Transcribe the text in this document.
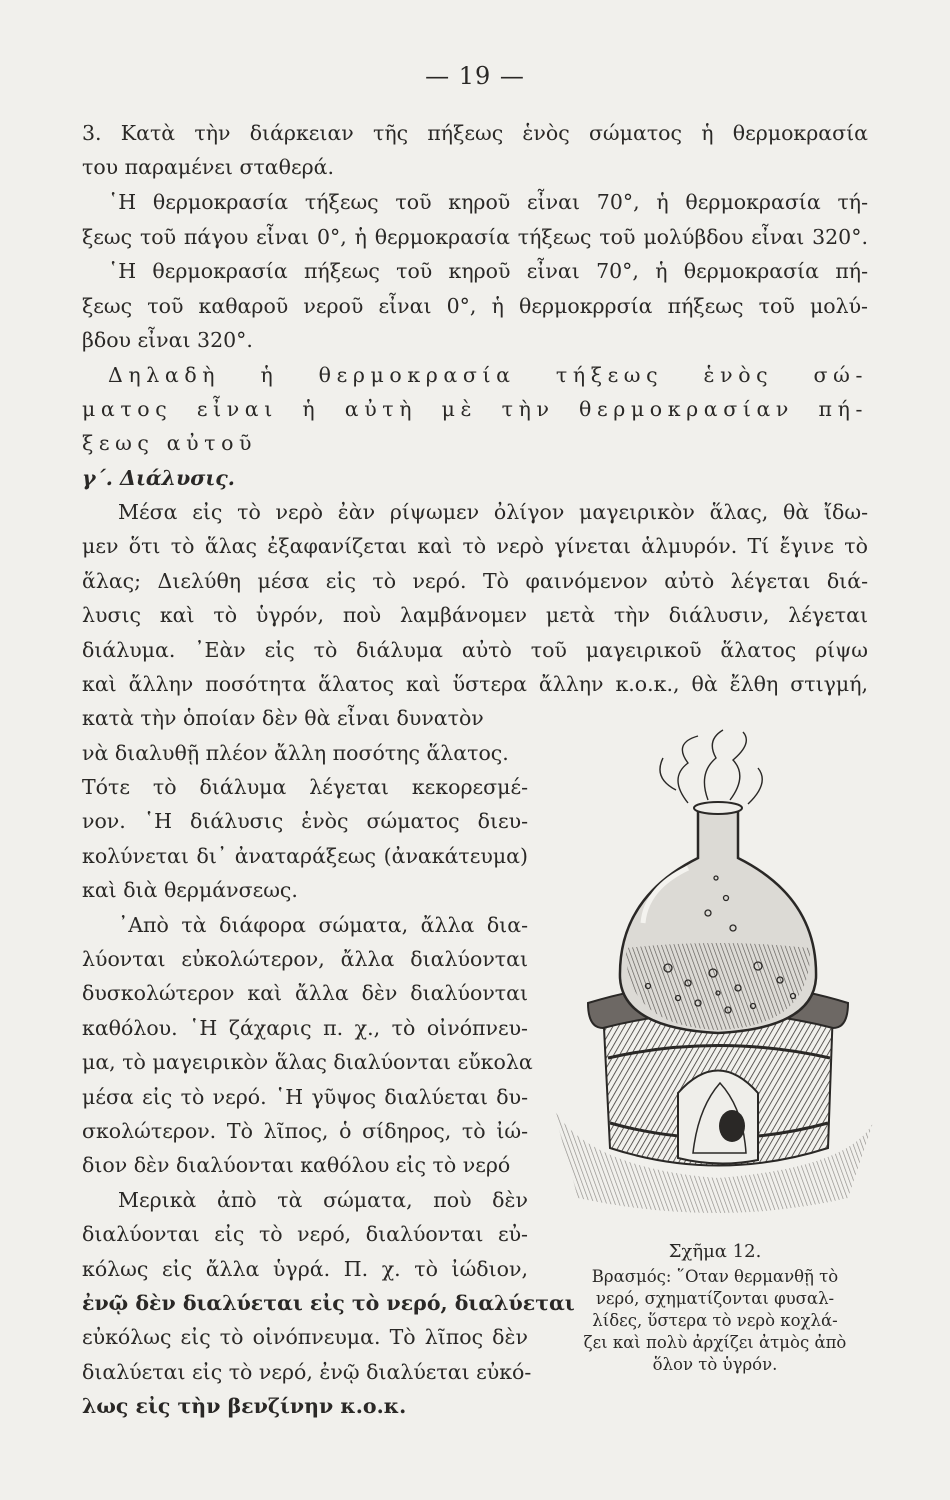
— 19 —
3. Κατὰ τὴν διάρκειαν τῆς πήξεως ἑνὸς σώματος ἡ θερμοκρασία
του παραμένει σταθερά.
῾Η θερμοκρασία τήξεως τοῦ κηροῦ εἶναι 70°, ἡ θερμοκρασία τή-
ξεως τοῦ πάγου εἶναι 0°, ἡ θερμοκρασία τήξεως τοῦ μολύβδου εἶναι 320°.
῾Η θερμοκρασία πήξεως τοῦ κηροῦ εἶναι 70°, ἡ θερμοκρασία πή-
ξεως τοῦ καθαροῦ νεροῦ εἶναι 0°, ἡ θερμοκρρσία πήξεως τοῦ μολύ-
βδου εἶναι 320°.
Δηλαδὴ ἡ θερμοκρασία τήξεως ἑνὸς σώ-
ματος εἶναι ἡ αὐτὴ μὲ τὴν θερμοκρασίαν πή-
ξεως αὐτοῦ
γ΄. Διάλυσις.
Μέσα εἰς τὸ νερὸ ἐὰν ρίψωμεν ὀλίγον μαγειρικὸν ἅλας, θὰ ἴδω-
μεν ὅτι τὸ ἅλας ἐξαφανίζεται καὶ τὸ νερὸ γίνεται ἁλμυρόν. Τί ἔγινε τὸ
ἅλας; Διελύθη μέσα εἰς τὸ νερό. Τὸ φαινόμενον αὐτὸ λέγεται διά-
λυσις καὶ τὸ ὑγρόν, ποὺ λαμβάνομεν μετὰ τὴν διάλυσιν, λέγεται
διάλυμα. ᾿Εὰν εἰς τὸ διάλυμα αὐτὸ τοῦ μαγειρικοῦ ἅλατος ρίψω
καὶ ἄλλην ποσότητα ἅλατος καὶ ὕστερα ἄλλην κ.ο.κ., θὰ ἔλθη στιγμή,
κατὰ τὴν ὁποίαν δὲν θὰ εἶναι δυνατὸν
νὰ διαλυθῇ πλέον ἄλλη ποσότης ἅλατος.
Τότε τὸ διάλυμα λέγεται κεκορεσμέ-
νον. ῾Η διάλυσις ἑνὸς σώματος διευ-
κολύνεται δι᾿ ἀναταράξεως (ἀνακάτευμα)
καὶ διὰ θερμάνσεως.
᾿Απὸ τὰ διάφορα σώματα, ἄλλα δια-
λύονται εὐκολώτερον, ἄλλα διαλύονται
δυσκολώτερον καὶ ἄλλα δὲν διαλύονται
καθόλου. ῾Η ζάχαρις π. χ., τὸ οἰνόπνευ-
μα, τὸ μαγειρικὸν ἅλας διαλύονται εὔκολα
μέσα εἰς τὸ νερό. ῾Η γῦψος διαλύεται δυ-
σκολώτερον. Τὸ λῖπος, ὁ σίδηρος, τὸ ἰώ-
διον δὲν διαλύονται καθόλου εἰς τὸ νερό
Μερικὰ ἀπὸ τὰ σώματα, ποὺ δὲν
διαλύονται εἰς τὸ νερό, διαλύονται εὐ-
κόλως εἰς ἄλλα ὑγρά. Π. χ. τὸ ἰώδιον,
ἐνῷ δὲν διαλύεται εἰς τὸ νερό, διαλύεται
εὐκόλως εἰς τὸ οἰνόπνευμα. Τὸ λῖπος δὲν
διαλύεται εἰς τὸ νερό, ἐνῷ διαλύεται εὐκό-
λως εἰς τὴν βενζίνην κ.ο.κ.
Σχῆμα 12.
Βρασμός: ῞Οταν θερμανθῇ τὸ
νερό, σχηματίζονται φυσαλ-
λίδες, ὕστερα τὸ νερὸ κοχλά-
ζει καὶ πολὺ ἀρχίζει ἀτμὸς ἀπὸ
ὅλον τὸ ὑγρόν.
